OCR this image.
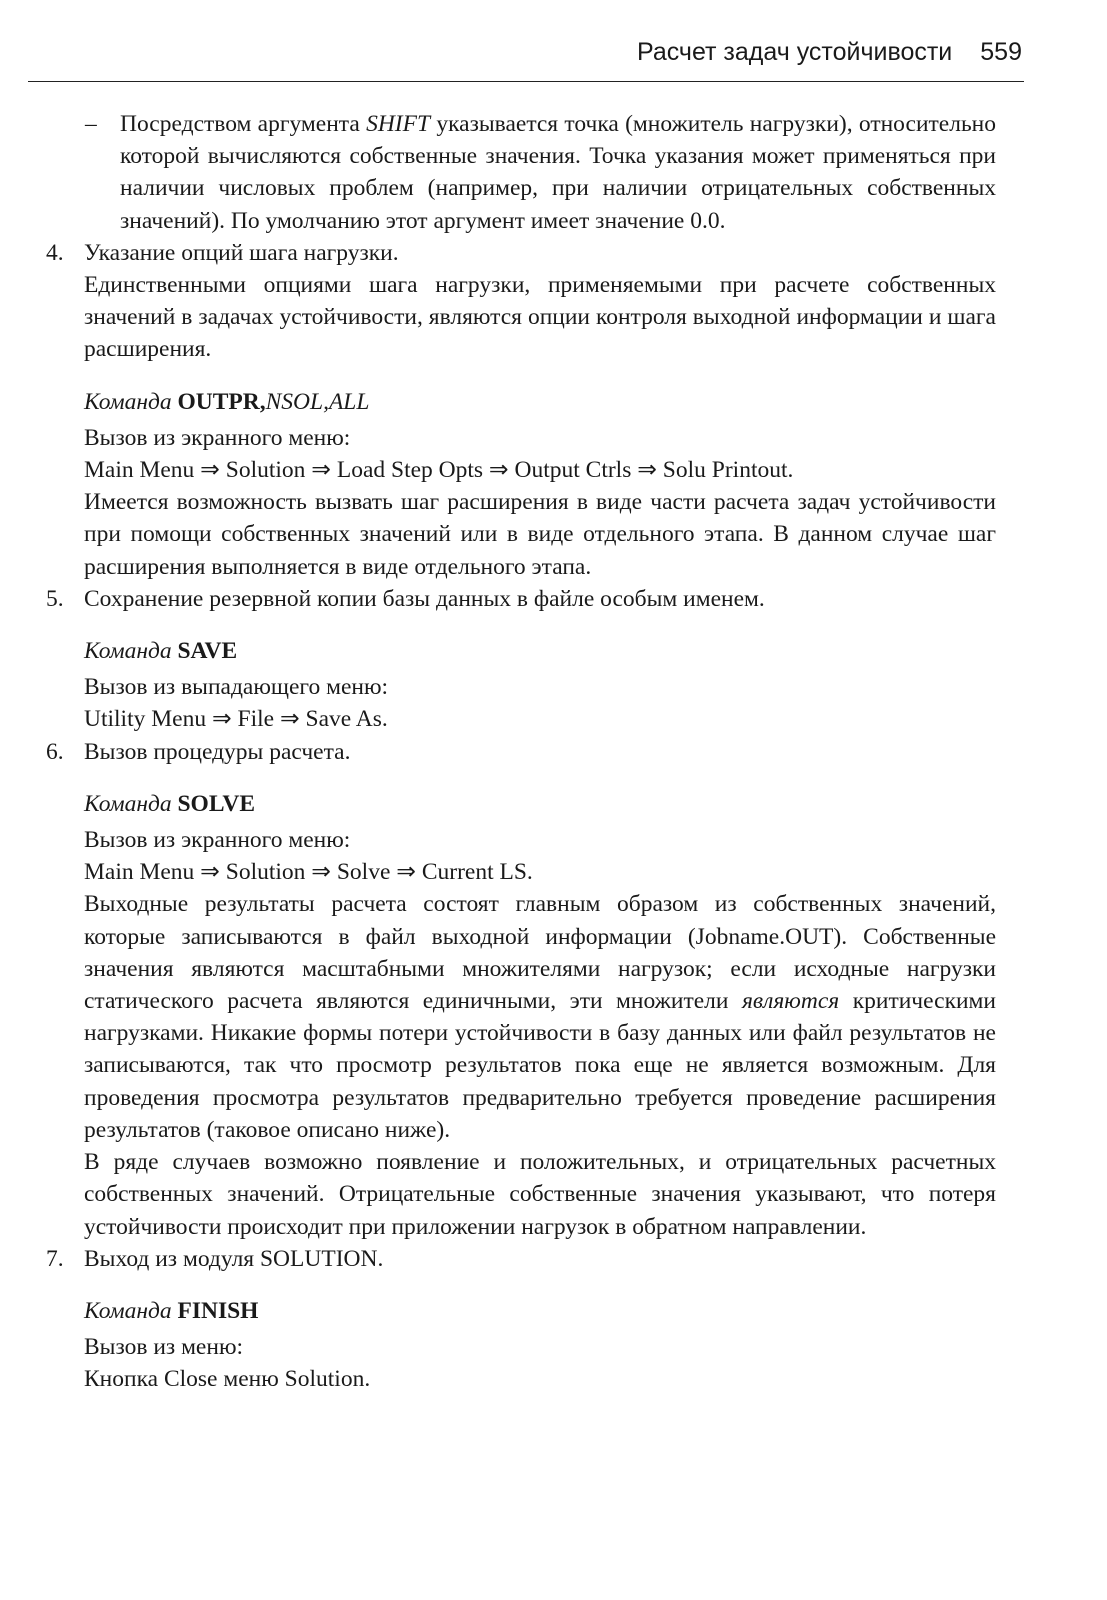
Расчет задач устойчивости 559
– Посредством аргумента SHIFT указывается точка (множитель нагрузки), относительно которой вычисляются собственные значения. Точка указания может применяться при наличии числовых проблем (например, при наличии отрицательных собственных значений). По умолчанию этот аргумент имеет значение 0.0.
4. Указание опций шага нагрузки.
Единственными опциями шага нагрузки, применяемыми при расчете собственных значений в задачах устойчивости, являются опции контроля выходной информации и шага расширения.
Команда OUTPR,NSOL,ALL
Вызов из экранного меню:
Main Menu ⇒ Solution ⇒ Load Step Opts ⇒ Output Ctrls ⇒ Solu Printout.
Имеется возможность вызвать шаг расширения в виде части расчета задач устойчивости при помощи собственных значений или в виде отдельного этапа. В данном случае шаг расширения выполняется в виде отдельного этапа.
5. Сохранение резервной копии базы данных в файле особым именем.
Команда SAVE
Вызов из выпадающего меню:
Utility Menu ⇒ File ⇒ Save As.
6. Вызов процедуры расчета.
Команда SOLVE
Вызов из экранного меню:
Main Menu ⇒ Solution ⇒ Solve ⇒ Current LS.
Выходные результаты расчета состоят главным образом из собственных значений, которые записываются в файл выходной информации (Jobname.OUT). Собственные значения являются масштабными множителями нагрузок; если исходные нагрузки статического расчета являются единичными, эти множители являются критическими нагрузками. Никакие формы потери устойчивости в базу данных или файл результатов не записываются, так что просмотр результатов пока еще не является возможным. Для проведения просмотра результатов предварительно требуется проведение расширения результатов (таковое описано ниже).
В ряде случаев возможно появление и положительных, и отрицательных расчетных собственных значений. Отрицательные собственные значения указывают, что потеря устойчивости происходит при приложении нагрузок в обратном направлении.
7. Выход из модуля SOLUTION.
Команда FINISH
Вызов из меню:
Кнопка Close меню Solution.
